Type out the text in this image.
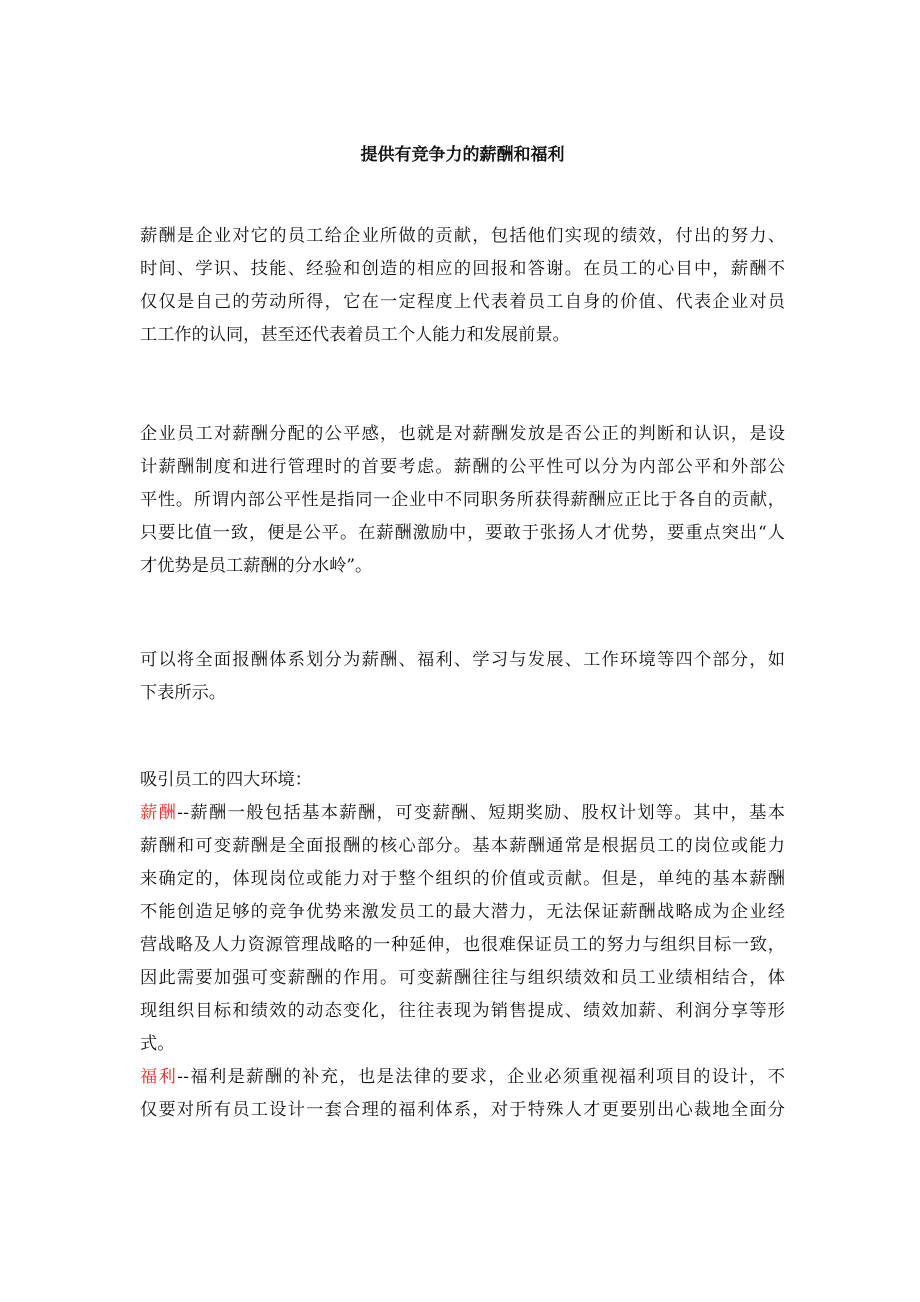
提供有竞争力的薪酬和福利
薪酬是企业对它的员工给企业所做的贡献，包括他们实现的绩效，付出的努力、
时间、学识、技能、经验和创造的相应的回报和答谢。在员工的心目中，薪酬不
仅仅是自己的劳动所得，它在一定程度上代表着员工自身的价值、代表企业对员
工工作的认同，甚至还代表着员工个人能力和发展前景。
企业员工对薪酬分配的公平感，也就是对薪酬发放是否公正的判断和认识，是设
计薪酬制度和进行管理时的首要考虑。薪酬的公平性可以分为内部公平和外部公
平性。所谓内部公平性是指同一企业中不同职务所获得薪酬应正比于各自的贡献，
只要比值一致，便是公平。在薪酬激励中，要敢于张扬人才优势，要重点突出“人
才优势是员工薪酬的分水岭”。
可以将全面报酬体系划分为薪酬、福利、学习与发展、工作环境等四个部分，如
下表所示。
吸引员工的四大环境：
薪酬--薪酬一般包括基本薪酬，可变薪酬、短期奖励、股权计划等。其中，基本
薪酬和可变薪酬是全面报酬的核心部分。基本薪酬通常是根据员工的岗位或能力
来确定的，体现岗位或能力对于整个组织的价值或贡献。但是，单纯的基本薪酬
不能创造足够的竞争优势来激发员工的最大潜力，无法保证薪酬战略成为企业经
营战略及人力资源管理战略的一种延伸，也很难保证员工的努力与组织目标一致，
因此需要加强可变薪酬的作用。可变薪酬往往与组织绩效和员工业绩相结合，体
现组织目标和绩效的动态变化，往往表现为销售提成、绩效加薪、利润分享等形
式。
福利--福利是薪酬的补充，也是法律的要求，企业必须重视福利项目的设计，不
仅要对所有员工设计一套合理的福利体系，对于特殊人才更要别出心裁地全面分
